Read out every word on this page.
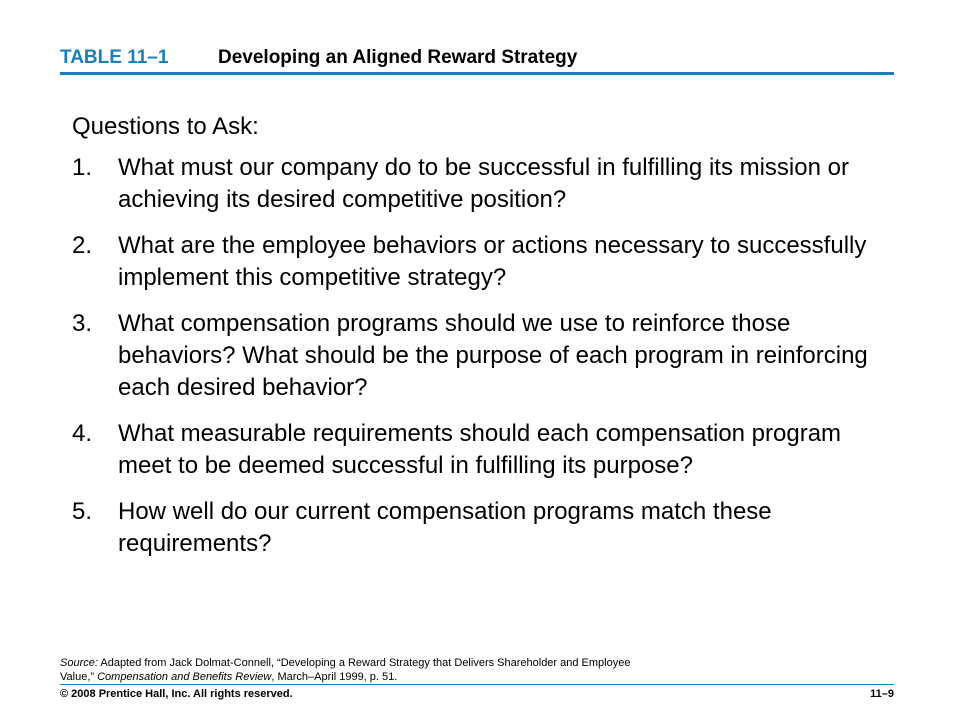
TABLE 11–1	Developing an Aligned Reward Strategy
Questions to Ask:
1. What must our company do to be successful in fulfilling its mission or achieving its desired competitive position?
2. What are the employee behaviors or actions necessary to successfully implement this competitive strategy?
3. What compensation programs should we use to reinforce those behaviors? What should be the purpose of each program in reinforcing each desired behavior?
4. What measurable requirements should each compensation program meet to be deemed successful in fulfilling its purpose?
5. How well do our current compensation programs match these requirements?
Source: Adapted from Jack Dolmat-Connell, “Developing a Reward Strategy that Delivers Shareholder and Employee Value,” Compensation and Benefits Review, March–April 1999, p. 51.
© 2008 Prentice Hall, Inc. All rights reserved.	11–9
